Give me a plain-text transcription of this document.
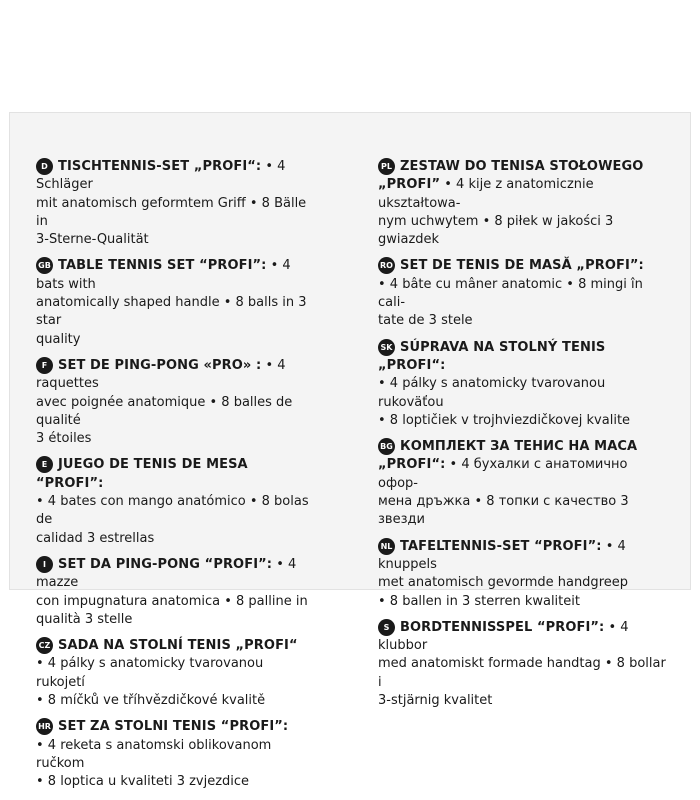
D TISCHTENNIS-SET „PROFI“: • 4 Schläger
mit anatomisch geformtem Griff • 8 Bälle in
3-Sterne-Qualität

GB TABLE TENNIS SET “PROFI”: • 4 bats with
anatomically shaped handle • 8 balls in 3 star
quality

F SET DE PING-PONG «PRO» : • 4 raquettes
avec poignée anatomique • 8 balles de qualité
3 étoiles

E JUEGO DE TENIS DE MESA “PROFI”:
• 4 bates con mango anatómico • 8 bolas de
calidad 3 estrellas

I SET DA PING-PONG “PROFI”: • 4 mazze
con impugnatura anatomica • 8 palline in
qualità 3 stelle

CZ SADA NA STOLNÍ TENIS „PROFI“
• 4 pálky s anatomicky tvarovanou rukojetí
• 8 míčků ve tříhvězdičkové kvalitě

HR SET ZA STOLNI TENIS “PROFI”:
• 4 reketa s anatomski oblikovanom ručkom
• 8 loptica u kvaliteti 3 zvjezdice

PL ZESTAW DO TENISA STOŁOWEGO
„PROFI” • 4 kije z anatomicznie ukształtowa-
nym uchwytem • 8 piłek w jakości 3 gwiazdek

RO SET DE TENIS DE MASĂ „PROFI”:
• 4 bâte cu mâner anatomic • 8 mingi în cali-
tate de 3 stele

SK SÚPRAVA NA STOLNÝ TENIS „PROFI“:
• 4 pálky s anatomicky tvarovanou rukoväťou
• 8 loptičiek v trojhviezdičkovej kvalite

BG КОМПЛЕКТ ЗА ТЕНИС НА МАСА
„PROFI“: • 4 бухалки с анатомично офор-
мена дръжка • 8 топки с качество 3 звезди

NL TAFELTENNIS-SET “PROFI”: • 4 knuppels
met anatomisch gevormde handgreep
• 8 ballen in 3 sterren kwaliteit

S BORDTENNISSPEL “PROFI”: • 4 klubbor
med anatomiskt formade handtag • 8 bollar i
3-stjärnig kvalitet
